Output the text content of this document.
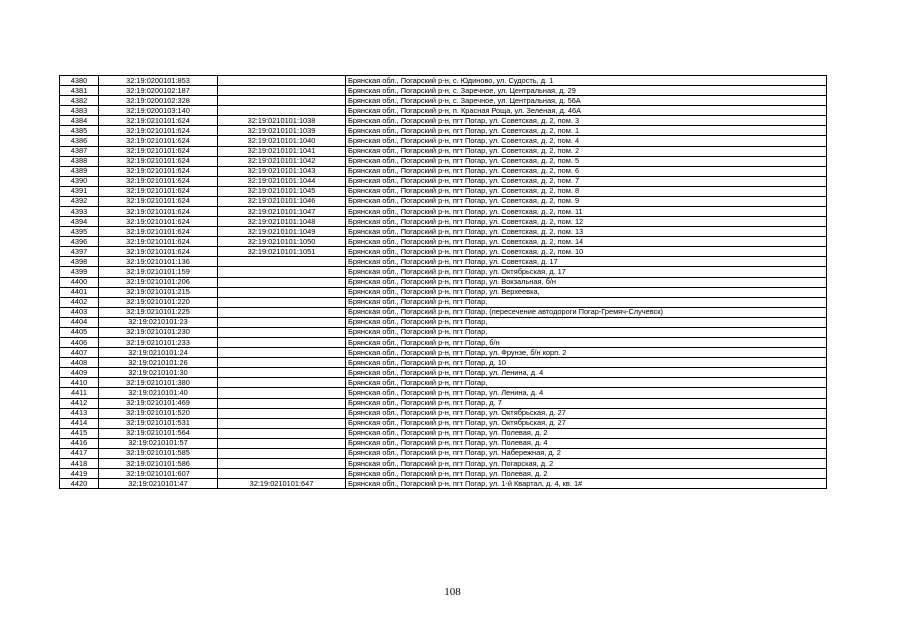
4380	32:19:0200101:853		Брянская обл., Погарский р-н, с. Юдиново, ул. Судость, д. 1
4381	32:19:0200102:187		Брянская обл., Погарский р-н, с. Заречное, ул. Центральная, д. 29
4382	32:19:0200102:328		Брянская обл., Погарский р-н, с. Заречное, ул. Центральная, д. 56А
4383	32:19:0200103:140		Брянская обл., Погарский р-н, п. Красная Роща, ул. Зеленая, д. 46А
4384	32:19:0210101:624	32:19:0210101:1038	Брянская обл., Погарский р-н, пгт Погар, ул. Советская, д. 2, пом. 3
4385	32:19:0210101:624	32:19:0210101:1039	Брянская обл., Погарский р-н, пгт Погар, ул. Советская, д. 2, пом. 1
4386	32:19:0210101:624	32:19:0210101:1040	Брянская обл., Погарский р-н, пгт Погар, ул. Советская, д. 2, пом. 4
4387	32:19:0210101:624	32:19:0210101:1041	Брянская обл., Погарский р-н, пгт Погар, ул. Советская, д. 2, пом. 2
4388	32:19:0210101:624	32:19:0210101:1042	Брянская обл., Погарский р-н, пгт Погар, ул. Советская, д. 2, пом. 5
4389	32:19:0210101:624	32:19:0210101:1043	Брянская обл., Погарский р-н, пгт Погар, ул. Советская, д. 2, пом. 6
4390	32:19:0210101:624	32:19:0210101:1044	Брянская обл., Погарский р-н, пгт Погар, ул. Советская, д. 2, пом. 7
4391	32:19:0210101:624	32:19:0210101:1045	Брянская обл., Погарский р-н, пгт Погар, ул. Советская, д. 2, пом. 8
4392	32:19:0210101:624	32:19:0210101:1046	Брянская обл., Погарский р-н, пгт Погар, ул. Советская, д. 2, пом. 9
4393	32:19:0210101:624	32:19:0210101:1047	Брянская обл., Погарский р-н, пгт Погар, ул. Советская, д. 2, пом. 11
4394	32:19:0210101:624	32:19:0210101:1048	Брянская обл., Погарский р-н, пгт Погар, ул. Советская, д. 2, пом. 12
4395	32:19:0210101:624	32:19:0210101:1049	Брянская обл., Погарский р-н, пгт Погар, ул. Советская, д. 2, пом. 13
4396	32:19:0210101:624	32:19:0210101:1050	Брянская обл., Погарский р-н, пгт Погар, ул. Советская, д. 2, пом. 14
4397	32:19:0210101:624	32:19:0210101:1051	Брянская обл., Погарский р-н, пгт Погар, ул. Советская, д. 2, пом. 10
4398	32:19:0210101:136		Брянская обл., Погарский р-н, пгт Погар, ул. Советская, д. 17
4399	32:19:0210101:159		Брянская обл., Погарский р-н, пгт Погар, ул. Октябрьская, д. 17
4400	32:19:0210101:206		Брянская обл., Погарский р-н, пгт Погар, ул. Вокзальная, б/н
4401	32:19:0210101:215		Брянская обл., Погарский р-н, пгт Погар, ул. Верхеевка,
4402	32:19:0210101:220		Брянская обл., Погарский р-н, пгт Погар,
4403	32:19:0210101:225		Брянская обл., Погарский р-н, пгт Погар, (пересечение автодороги Погар-Гремяч-Случевск)
4404	32:19:0210101:23		Брянская обл., Погарский р-н, пгт Погар,
4405	32:19:0210101:230		Брянская обл., Погарский р-н, пгт Погар,
4406	32:19:0210101:233		Брянская обл., Погарский р-н, пгт Погар, б/н
4407	32:19:0210101:24		Брянская обл., Погарский р-н, пгт Погар, ул. Фрунзе, б/н корп. 2
4408	32:19:0210101:26		Брянская обл., Погарский р-н, пгт Погар, д. 10
4409	32:19:0210101:30		Брянская обл., Погарский р-н, пгт Погар, ул. Ленина, д. 4
4410	32:19:0210101:380		Брянская обл., Погарский р-н, пгт Погар,
4411	32:19:0210101:40		Брянская обл., Погарский р-н, пгт Погар, ул. Ленина, д. 4
4412	32:19:0210101:469		Брянская обл., Погарский р-н, пгт Погар, д. 7
4413	32:19:0210101:520		Брянская обл., Погарский р-н, пгт Погар, ул. Октябрьская, д. 27
4414	32:19:0210101:531		Брянская обл., Погарский р-н, пгт Погар, ул. Октябрьская, д. 27
4415	32:19:0210101:564		Брянская обл., Погарский р-н, пгт Погар, ул. Полевая, д. 2
4416	32:19:0210101:57		Брянская обл., Погарский р-н, пгт Погар, ул. Полевая, д. 4
4417	32:19:0210101:585		Брянская обл., Погарский р-н, пгт Погар, ул. Набережная, д. 2
4418	32:19:0210101:586		Брянская обл., Погарский р-н, пгт Погар, ул. Погарская, д. 2
4419	32:19:0210101:607		Брянская обл., Погарский р-н, пгт Погар, ул. Полевая, д. 2
4420	32:19:0210101:47	32:19:0210101:647	Брянская обл., Погарский р-н, пгт Погар, ул. 1-й Квартал, д. 4, кв. 1#
108
